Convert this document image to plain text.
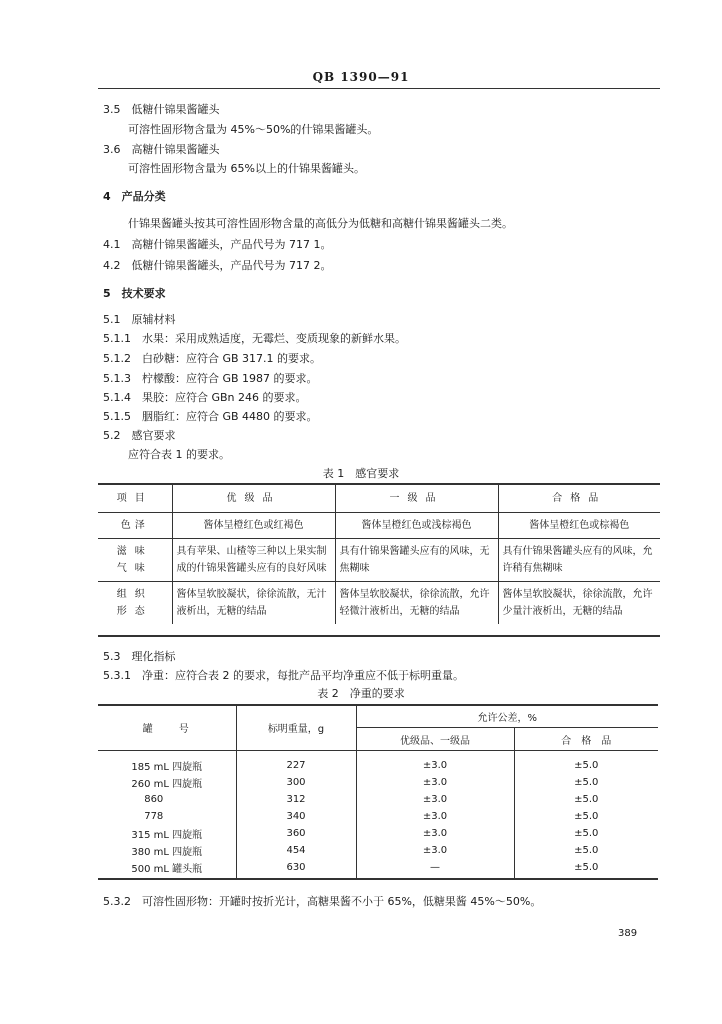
QB 1390—91
3.5　低糖什锦果酱罐头
可溶性固形物含量为 45%～50%的什锦果酱罐头。
3.6　高糖什锦果酱罐头
可溶性固形物含量为 65%以上的什锦果酱罐头。
4　产品分类
什锦果酱罐头按其可溶性固形物含量的高低分为低糖和高糖什锦果酱罐头二类。
4.1　高糖什锦果酱罐头，产品代号为 717 1。
4.2　低糖什锦果酱罐头，产品代号为 717 2。
5　技术要求
5.1　原辅材料
5.1.1　水果：采用成熟适度，无霉烂、变质现象的新鲜水果。
5.1.2　白砂糖：应符合 GB 317.1 的要求。
5.1.3　柠檬酸：应符合 GB 1987 的要求。
5.1.4　果胶：应符合 GBn 246 的要求。
5.1.5　胭脂红：应符合 GB 4480 的要求。
5.2　感官要求
应符合表 1 的要求。
表 1　感官要求
项目	优级品	一级品	合格品
色泽	酱体呈橙红色或红褐色	酱体呈橙红色或浅棕褐色	酱体呈橙红色或棕褐色
滋味
气味	具有苹果、山楂等三种以上果实制成的什锦果酱罐头应有的良好风味	具有什锦果酱罐头应有的风味，无焦糊味	具有什锦果酱罐头应有的风味，允许稍有焦糊味
组织
形态	酱体呈软胶凝状，徐徐流散，无汁液析出，无糖的结晶	酱体呈软胶凝状，徐徐流散，允许轻微汁液析出，无糖的结晶	酱体呈软胶凝状，徐徐流散，允许少量汁液析出，无糖的结晶
5.3　理化指标
5.3.1　净重：应符合表 2 的要求，每批产品平均净重应不低于标明重量。
表 2　净重的要求
罐　　号	标明重量，g	允许公差，%	
		优级品、一级品	合　格　品
185 mL 四旋瓶	227	±3.0	±5.0
260 mL 四旋瓶	300	±3.0	±5.0
860	312	±3.0	±5.0
778	340	±3.0	±5.0
315 mL 四旋瓶	360	±3.0	±5.0
380 mL 四旋瓶	454	±3.0	±5.0
500 mL 罐头瓶	630	—	±5.0
5.3.2　可溶性固形物：开罐时按折光计，高糖果酱不小于 65%，低糖果酱 45%～50%。
389
